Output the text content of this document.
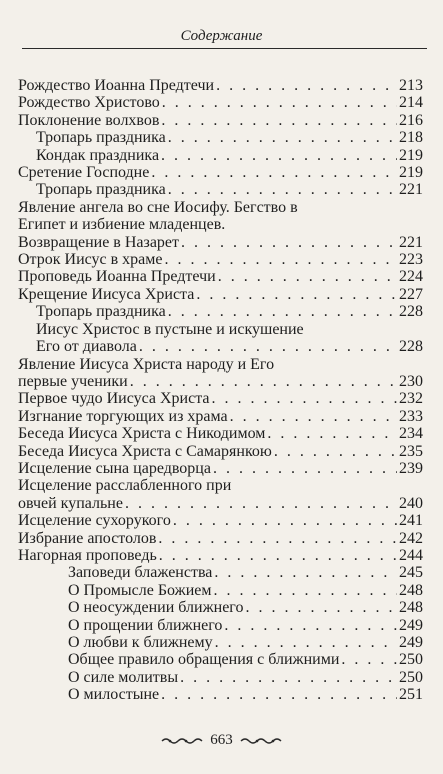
Содержание
Рождество Иоанна Предтечи . . .	213
Рождество Христово . . .	214
Поклонение волхвов . . .	216
Тропарь праздника . . .	218
Кондак праздника . . .	219
Сретение Господне . . .	219
Тропарь праздника . . .	221
Явление ангела во сне Иосифу. Бегство в
Египет и избиение младенцев.
Возвращение в Назарет . . .	221
Отрок Иисус в храме . . .	223
Проповедь Иоанна Предтечи . . .	224
Крещение Иисуса Христа . . .	227
Тропарь праздника . . .	228
Иисус Христос в пустыне и искушение
Его от диавола . . .	228
Явление Иисуса Христа народу и Его
первые ученики . . .	230
Первое чудо Иисуса Христа . . .	232
Изгнание торгующих из храма . . .	233
Беседа Иисуса Христа с Никодимом . . .	234
Беседа Иисуса Христа с Самарянкою . . .	235
Исцеление сына царедворца . . .	239
Исцеление расслабленного при
овчей купальне . . .	240
Исцеление сухорукого . . .	241
Избрание апостолов . . .	242
Нагорная проповедь . . .	244
Заповеди блаженства . . .	245
О Промысле Божием . . .	248
О неосуждении ближнего . . .	248
О прощении ближнего . . .	249
О любви к ближнему . . .	249
Общее правило обращения с ближними . . .	250
О силе молитвы . . .	250
О милостыне . . .	251
663
